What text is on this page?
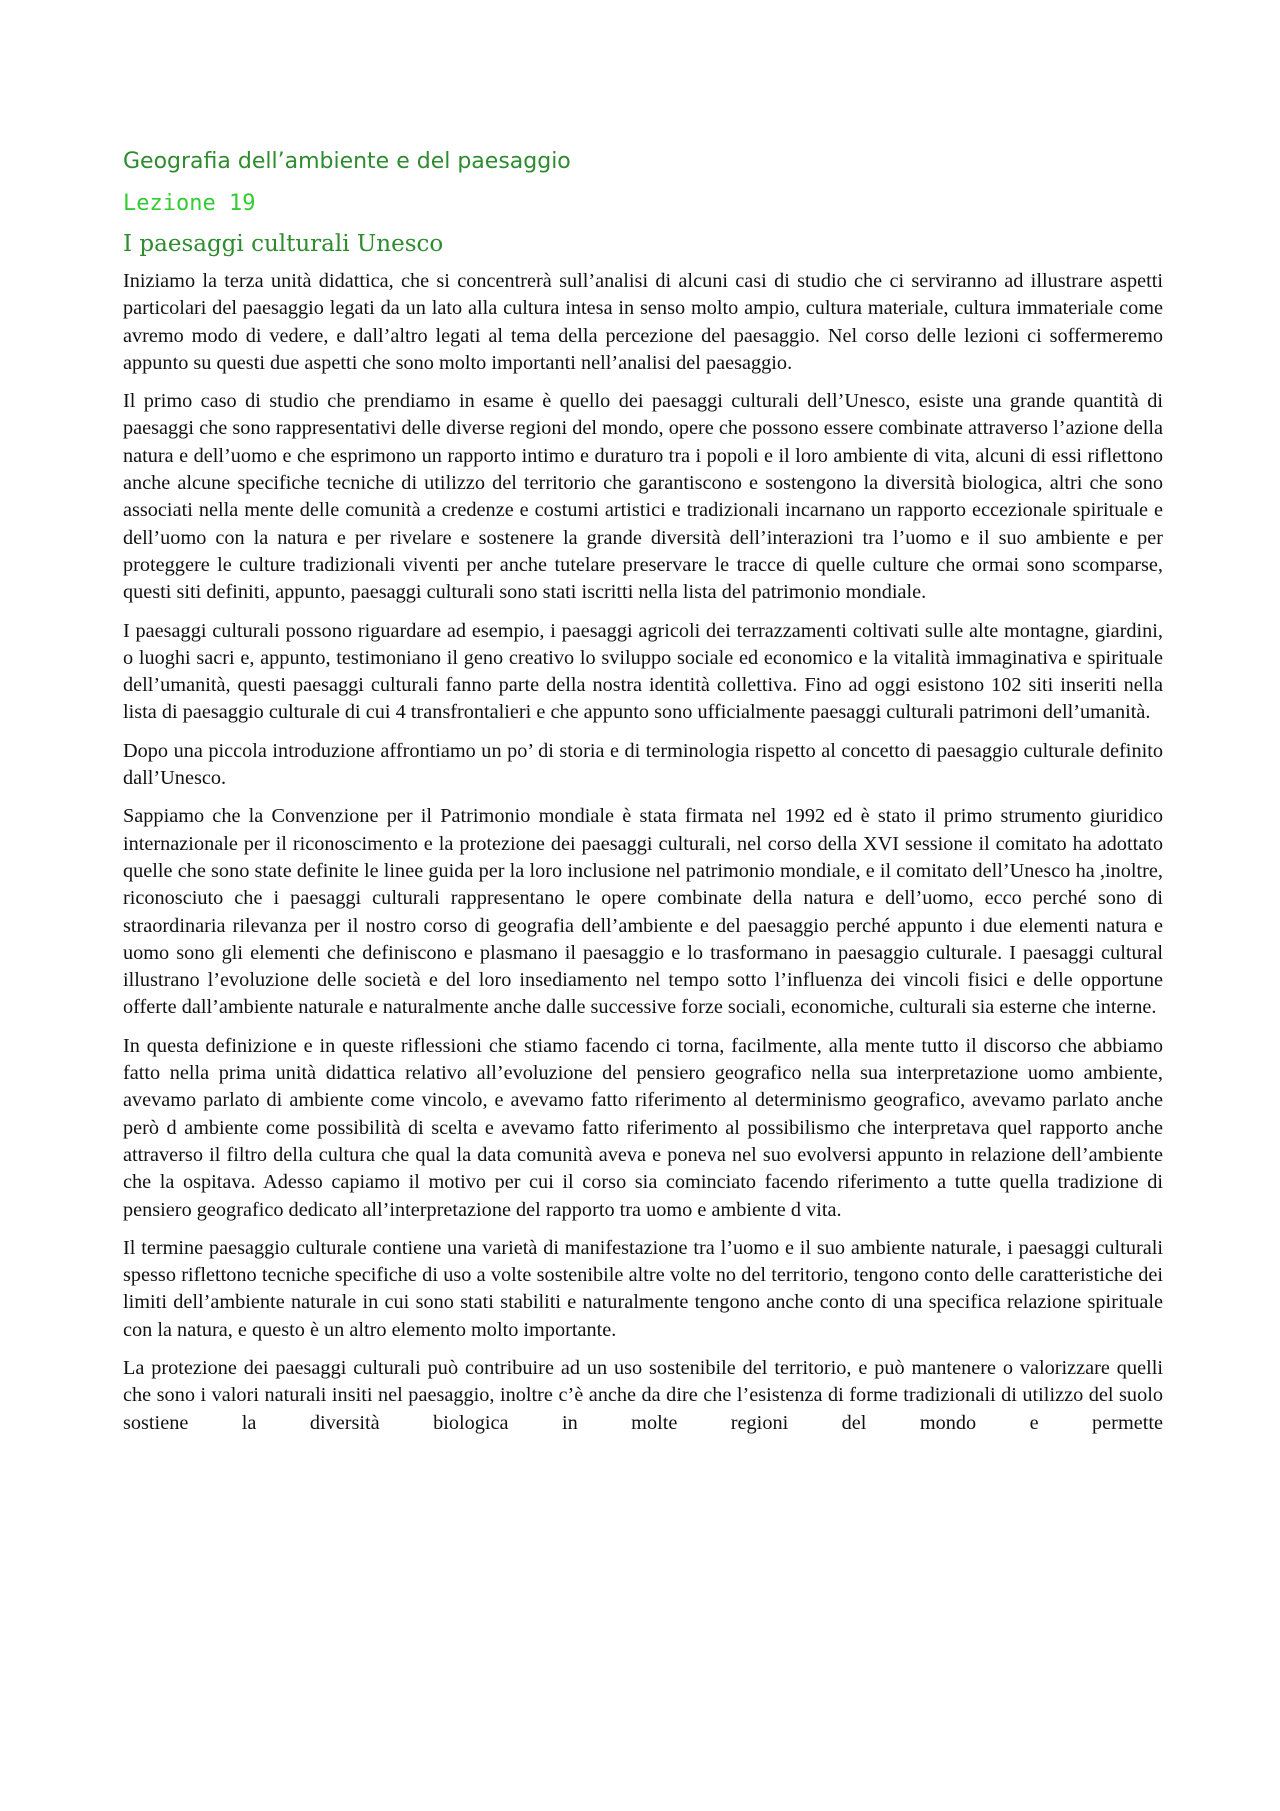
Geografia dell’ambiente e del paesaggio
Lezione 19
I paesaggi culturali Unesco

Iniziamo la terza unità didattica, che si concentrerà sull’analisi di alcuni casi di studio che ci serviranno ad illustrare aspetti particolari del paesaggio legati da un lato alla cultura intesa in senso molto ampio, cultura materiale, cultura immateriale come avremo modo di vedere, e dall’altro legati al tema della percezione del paesaggio. Nel corso delle lezioni ci soffermeremo appunto su questi due aspetti che sono molto importanti nell’analisi del paesaggio.

Il primo caso di studio che prendiamo in esame è quello dei paesaggi culturali dell’Unesco, esiste una grande quantità di paesaggi che sono rappresentativi delle diverse regioni del mondo, opere che possono essere combinate attraverso l’azione della natura e dell’uomo e che esprimono un rapporto intimo e duraturo tra i popoli e il loro ambiente di vita, alcuni di essi riflettono anche alcune specifiche tecniche di utilizzo del territorio che garantiscono e sostengono la diversità biologica, altri che sono associati nella mente delle comunità a credenze e costumi artistici e tradizionali incarnano un rapporto eccezionale spirituale e dell’uomo con la natura e per rivelare e sostenere la grande diversità dell’interazioni tra l’uomo e il suo ambiente e per proteggere le culture tradizionali viventi per anche tutelare preservare le tracce di quelle culture che ormai sono scomparse, questi siti definiti, appunto, paesaggi culturali sono stati iscritti nella lista del patrimonio mondiale.

I paesaggi culturali possono riguardare ad esempio, i paesaggi agricoli dei terrazzamenti coltivati sulle alte montagne, giardini, o luoghi sacri e, appunto, testimoniano il geno creativo lo sviluppo sociale ed economico e la vitalità immaginativa e spirituale dell’umanità, questi paesaggi culturali fanno parte della nostra identità collettiva. Fino ad oggi esistono 102 siti inseriti nella lista di paesaggio culturale di cui 4 transfrontalieri e che appunto sono ufficialmente paesaggi culturali patrimoni dell’umanità.

Dopo una piccola introduzione affrontiamo un po’ di storia e di terminologia rispetto al concetto di paesaggio culturale definito dall’Unesco.

Sappiamo che la Convenzione per il Patrimonio mondiale è stata firmata nel 1992 ed è stato il primo strumento giuridico internazionale per il riconoscimento e la protezione dei paesaggi culturali, nel corso della XVI sessione il comitato ha adottato quelle che sono state definite le linee guida per la loro inclusione nel patrimonio mondiale, e il comitato dell’Unesco ha ,inoltre, riconosciuto che i paesaggi culturali rappresentano le opere combinate della natura e dell’uomo, ecco perché sono di straordinaria rilevanza per il nostro corso di geografia dell’ambiente e del paesaggio perché appunto i due elementi natura e uomo sono gli elementi che definiscono e plasmano il paesaggio e lo trasformano in paesaggio culturale. I paesaggi cultural illustrano l’evoluzione delle società e del loro insediamento nel tempo sotto l’influenza dei vincoli fisici e delle opportune offerte dall’ambiente naturale e naturalmente anche dalle successive forze sociali, economiche, culturali sia esterne che interne.

In questa definizione e in queste riflessioni che stiamo facendo ci torna, facilmente, alla mente tutto il discorso che abbiamo fatto nella prima unità didattica relativo all’evoluzione del pensiero geografico nella sua interpretazione uomo ambiente, avevamo parlato di ambiente come vincolo, e avevamo fatto riferimento al determinismo geografico, avevamo parlato anche però d ambiente come possibilità di scelta e avevamo fatto riferimento al possibilismo che interpretava quel rapporto anche attraverso il filtro della cultura che qual la data comunità aveva e poneva nel suo evolversi appunto in relazione dell’ambiente che la ospitava. Adesso capiamo il motivo per cui il corso sia cominciato facendo riferimento a tutte quella tradizione di pensiero geografico dedicato all’interpretazione del rapporto tra uomo e ambiente d vita.

Il termine paesaggio culturale contiene una varietà di manifestazione tra l’uomo e il suo ambiente naturale, i paesaggi culturali spesso riflettono tecniche specifiche di uso a volte sostenibile altre volte no del territorio, tengono conto delle caratteristiche dei limiti dell’ambiente naturale in cui sono stati stabiliti e naturalmente tengono anche conto di una specifica relazione spirituale con la natura, e questo è un altro elemento molto importante.

La protezione dei paesaggi culturali può contribuire ad un uso sostenibile del territorio, e può mantenere o valorizzare quelli che sono i valori naturali insiti nel paesaggio, inoltre c’è anche da dire che l’esistenza di forme tradizionali di utilizzo del suolo sostiene la diversità biologica in molte regioni del mondo e permette
